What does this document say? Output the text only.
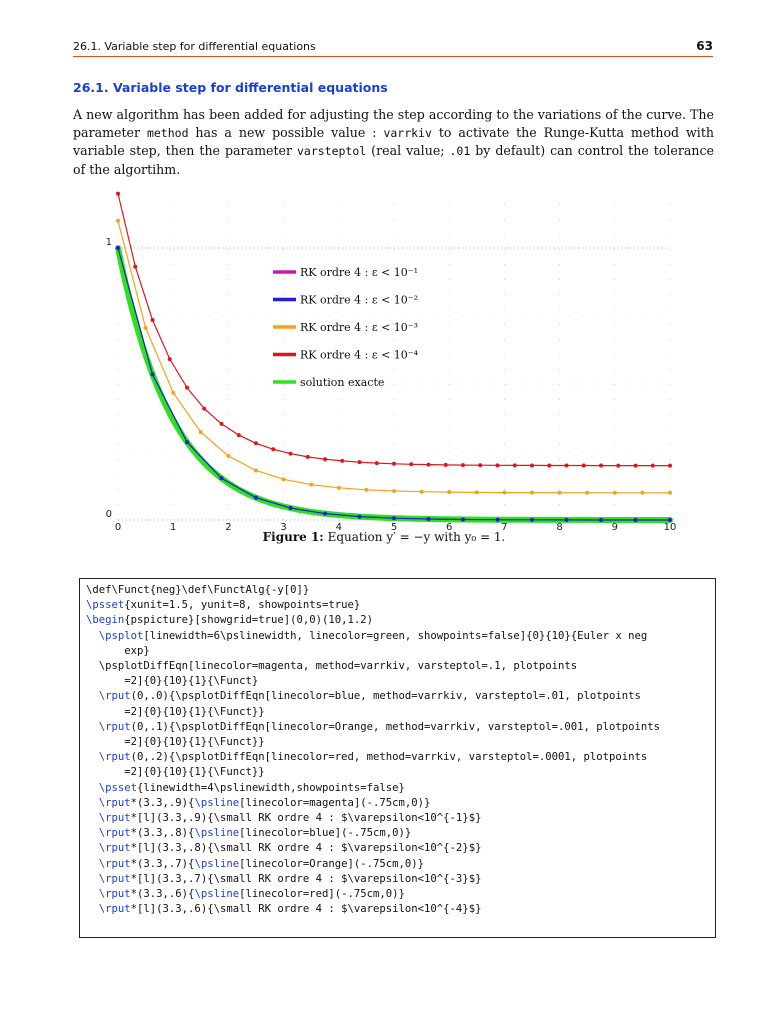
26.1. Variable step for differential equations	63
26.1. Variable step for differential equations
A new algorithm has been added for adjusting the step according to the variations of the curve. The parameter method has a new possible value : varrkiv to activate the Runge-Kutta method with variable step, then the parameter varsteptol (real value; .01 by default) can control the tolerance of the algortihm.
0	1	2	3	4	5	6	7	8	9	10
0
1
RK ordre 4 : ε < 10⁻¹
RK ordre 4 : ε < 10⁻²
RK ordre 4 : ε < 10⁻³
RK ordre 4 : ε < 10⁻⁴
solution exacte
Figure 1: Equation y′ = −y with y₀ = 1.
\def\Funct{neg}\def\FunctAlg{-y[0]}
\psset{xunit=1.5, yunit=8, showpoints=true}
\begin{pspicture}[showgrid=true](0,0)(10,1.2)
\psplot[linewidth=6\pslinewidth, linecolor=green, showpoints=false]{0}{10}{Euler x neg
exp}
\psplotDiffEqn[linecolor=magenta, method=varrkiv, varsteptol=.1, plotpoints
=2]{0}{10}{1}{\Funct}
\rput(0,.0){\psplotDiffEqn[linecolor=blue, method=varrkiv, varsteptol=.01, plotpoints
=2]{0}{10}{1}{\Funct}}
\rput(0,.1){\psplotDiffEqn[linecolor=Orange, method=varrkiv, varsteptol=.001, plotpoints
=2]{0}{10}{1}{\Funct}}
\rput(0,.2){\psplotDiffEqn[linecolor=red, method=varrkiv, varsteptol=.0001, plotpoints
=2]{0}{10}{1}{\Funct}}
\psset{linewidth=4\pslinewidth,showpoints=false}
\rput*(3.3,.9){\psline[linecolor=magenta](-.75cm,0)}
\rput*[l](3.3,.9){\small RK ordre 4 : $\varepsilon<10^{-1}$}
\rput*(3.3,.8){\psline[linecolor=blue](-.75cm,0)}
\rput*[l](3.3,.8){\small RK ordre 4 : $\varepsilon<10^{-2}$}
\rput*(3.3,.7){\psline[linecolor=Orange](-.75cm,0)}
\rput*[l](3.3,.7){\small RK ordre 4 : $\varepsilon<10^{-3}$}
\rput*(3.3,.6){\psline[linecolor=red](-.75cm,0)}
\rput*[l](3.3,.6){\small RK ordre 4 : $\varepsilon<10^{-4}$}
